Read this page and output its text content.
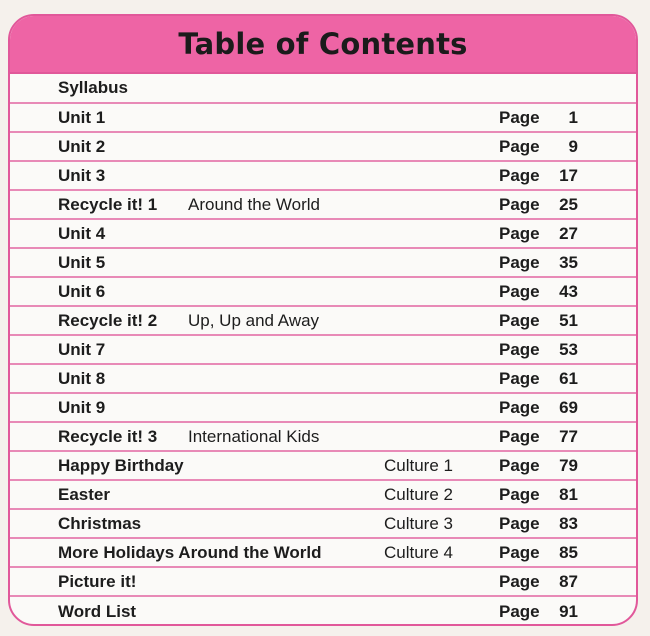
Table of Contents
Syllabus
Unit 1	Page 1
Unit 2	Page 9
Unit 3	Page 17
Recycle it! 1 Around the World	Page 25
Unit 4	Page 27
Unit 5	Page 35
Unit 6	Page 43
Recycle it! 2 Up, Up and Away	Page 51
Unit 7	Page 53
Unit 8	Page 61
Unit 9	Page 69
Recycle it! 3 International Kids	Page 77
Happy Birthday	Culture 1	Page 79
Easter	Culture 2	Page 81
Christmas	Culture 3	Page 83
More Holidays Around the World	Culture 4	Page 85
Picture it!	Page 87
Word List	Page 91
